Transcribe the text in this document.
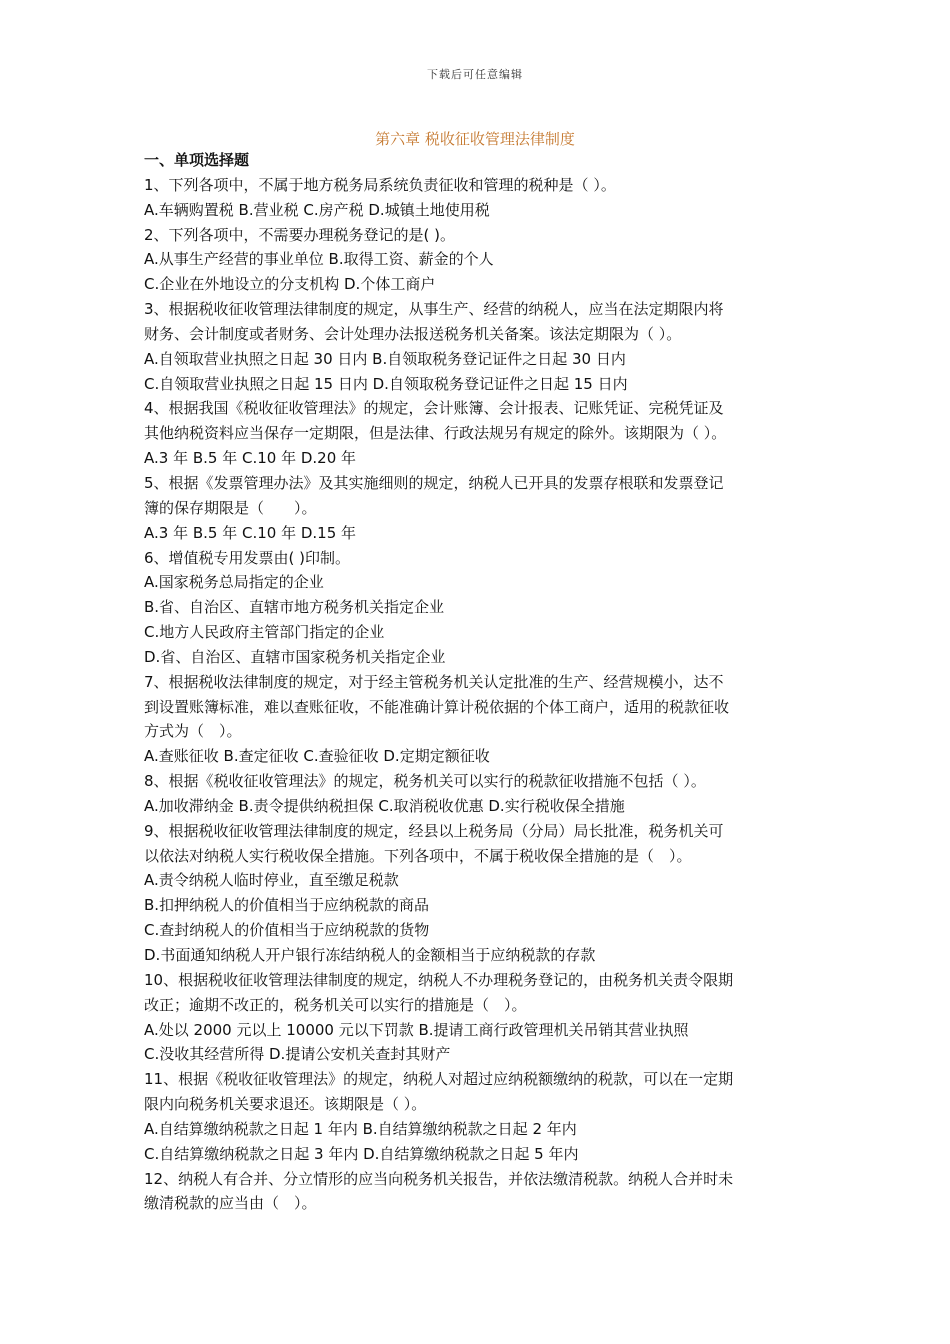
下载后可任意编辑
第六章 税收征收管理法律制度
一、单项选择题
1、下列各项中，不属于地方税务局系统负责征收和管理的税种是（ ）。
A.车辆购置税 B.营业税 C.房产税 D.城镇土地使用税
2、下列各项中，不需要办理税务登记的是( )。
A.从事生产经营的事业单位 B.取得工资、薪金的个人
C.企业在外地设立的分支机构 D.个体工商户
3、根据税收征收管理法律制度的规定，从事生产、经营的纳税人，应当在法定期限内将
财务、会计制度或者财务、会计处理办法报送税务机关备案。该法定期限为（ ）。
A.自领取营业执照之日起 30 日内 B.自领取税务登记证件之日起 30 日内
C.自领取营业执照之日起 15 日内 D.自领取税务登记证件之日起 15 日内
4、根据我国《税收征收管理法》的规定，会计账簿、会计报表、记账凭证、完税凭证及
其他纳税资料应当保存一定期限，但是法律、行政法规另有规定的除外。该期限为（ ）。
A.3 年 B.5 年 C.10 年 D.20 年
5、根据《发票管理办法》及其实施细则的规定，纳税人已开具的发票存根联和发票登记
簿的保存期限是（　　）。
A.3 年 B.5 年 C.10 年 D.15 年
6、增值税专用发票由( )印制。
A.国家税务总局指定的企业
B.省、自治区、直辖市地方税务机关指定企业
C.地方人民政府主管部门指定的企业
D.省、自治区、直辖市国家税务机关指定企业
7、根据税收法律制度的规定，对于经主管税务机关认定批准的生产、经营规模小，达不
到设置账簿标准，难以查账征收，不能准确计算计税依据的个体工商户，适用的税款征收
方式为（　）。
A.查账征收 B.查定征收 C.查验征收 D.定期定额征收
8、根据《税收征收管理法》的规定，税务机关可以实行的税款征收措施不包括（ ）。
A.加收滞纳金 B.责令提供纳税担保 C.取消税收优惠 D.实行税收保全措施
9、根据税收征收管理法律制度的规定，经县以上税务局（分局）局长批准，税务机关可
以依法对纳税人实行税收保全措施。下列各项中，不属于税收保全措施的是（　）。
A.责令纳税人临时停业，直至缴足税款
B.扣押纳税人的价值相当于应纳税款的商品
C.查封纳税人的价值相当于应纳税款的货物
D.书面通知纳税人开户银行冻结纳税人的金额相当于应纳税款的存款
10、根据税收征收管理法律制度的规定，纳税人不办理税务登记的，由税务机关责令限期
改正；逾期不改正的，税务机关可以实行的措施是（　）。
A.处以 2000 元以上 10000 元以下罚款 B.提请工商行政管理机关吊销其营业执照
C.没收其经营所得 D.提请公安机关查封其财产
11、根据《税收征收管理法》的规定，纳税人对超过应纳税额缴纳的税款，可以在一定期
限内向税务机关要求退还。该期限是（ ）。
A.自结算缴纳税款之日起 1 年内 B.自结算缴纳税款之日起 2 年内
C.自结算缴纳税款之日起 3 年内 D.自结算缴纳税款之日起 5 年内
12、纳税人有合并、分立情形的应当向税务机关报告，并依法缴清税款。纳税人合并时未
缴清税款的应当由（　）。
